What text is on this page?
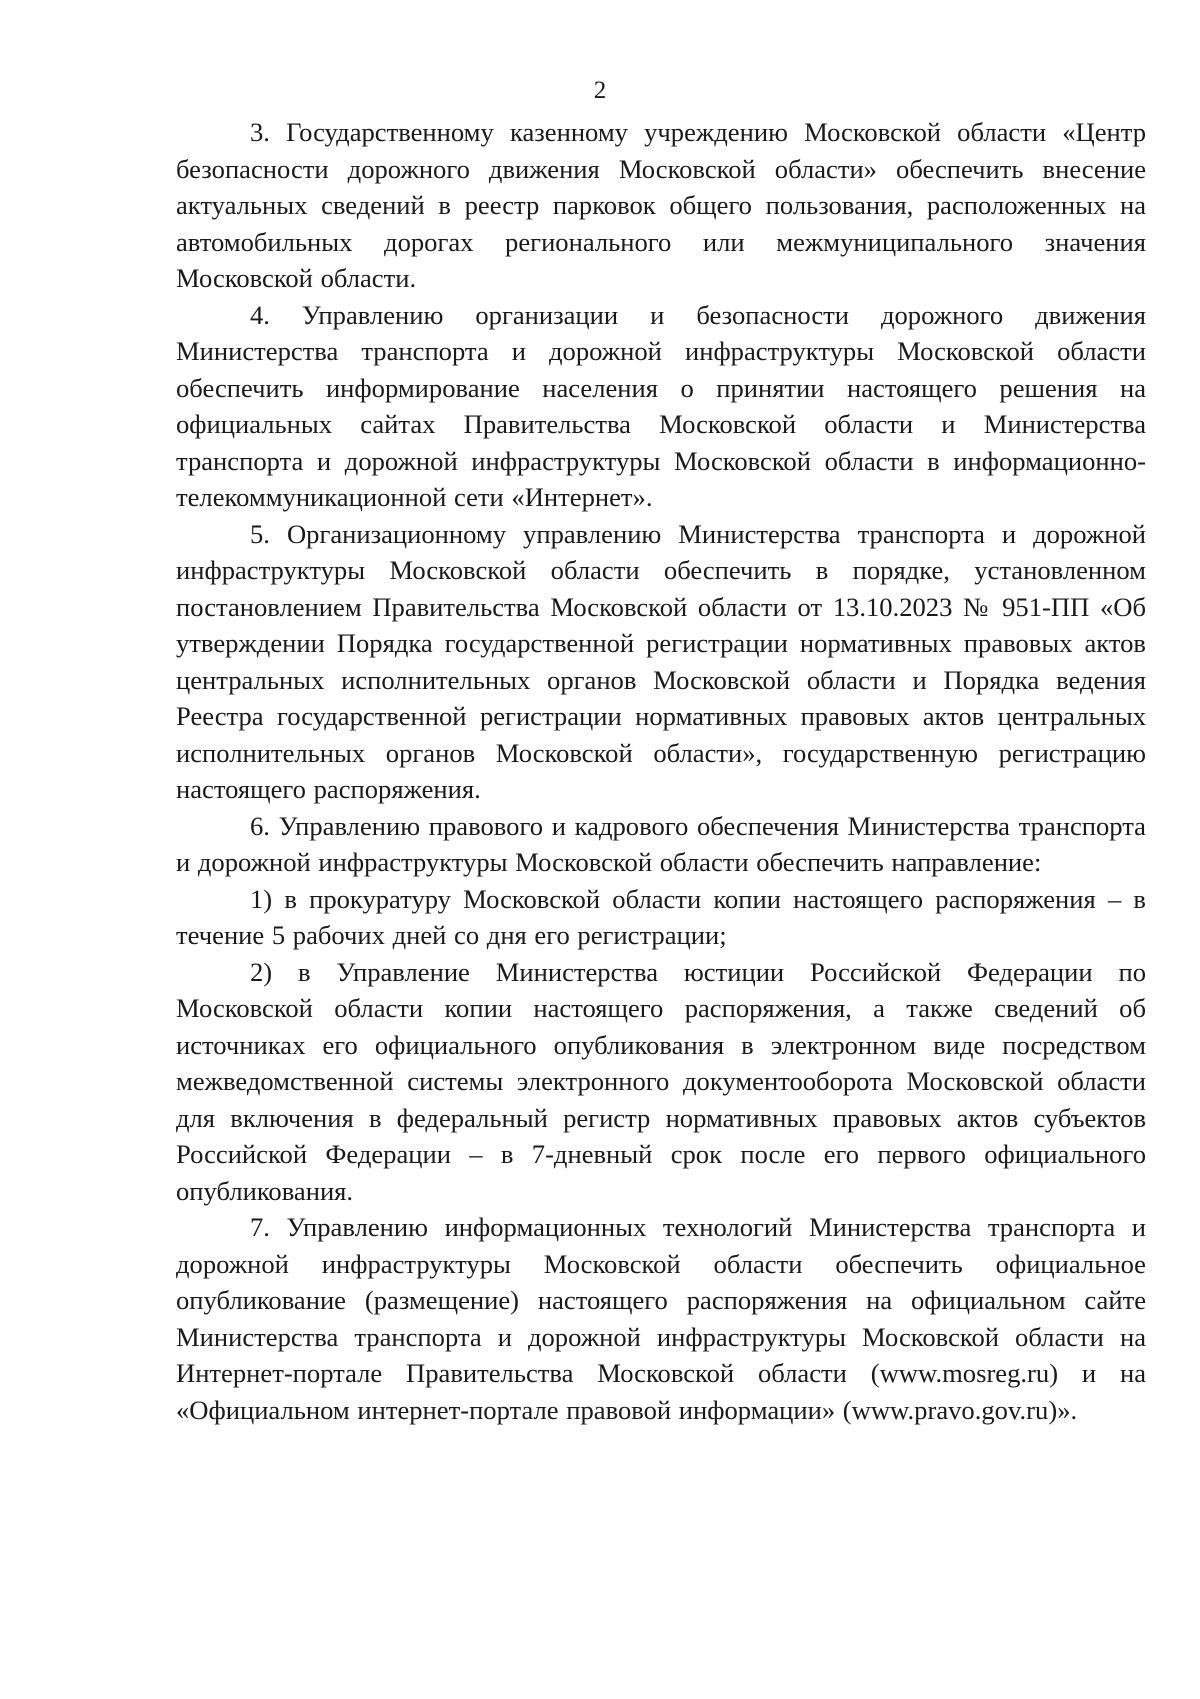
2

3. Государственному казенному учреждению Московской области «Центр безопасности дорожного движения Московской области» обеспечить внесение актуальных сведений в реестр парковок общего пользования, расположенных на автомобильных дорогах регионального или межмуниципального значения Московской области.

4. Управлению организации и безопасности дорожного движения Министерства транспорта и дорожной инфраструктуры Московской области обеспечить информирование населения о принятии настоящего решения на официальных сайтах Правительства Московской области и Министерства транспорта и дорожной инфраструктуры Московской области в информационно-телекоммуникационной сети «Интернет».

5. Организационному управлению Министерства транспорта и дорожной инфраструктуры Московской области обеспечить в порядке, установленном постановлением Правительства Московской области от 13.10.2023 № 951-ПП «Об утверждении Порядка государственной регистрации нормативных правовых актов центральных исполнительных органов Московской области и Порядка ведения Реестра государственной регистрации нормативных правовых актов центральных исполнительных органов Московской области», государственную регистрацию настоящего распоряжения.

6. Управлению правового и кадрового обеспечения Министерства транспорта и дорожной инфраструктуры Московской области обеспечить направление:

1) в прокуратуру Московской области копии настоящего распоряжения – в течение 5 рабочих дней со дня его регистрации;

2) в Управление Министерства юстиции Российской Федерации по Московской области копии настоящего распоряжения, а также сведений об источниках его официального опубликования в электронном виде посредством межведомственной системы электронного документооборота Московской области для включения в федеральный регистр нормативных правовых актов субъектов Российской Федерации – в 7-дневный срок после его первого официального опубликования.

7. Управлению информационных технологий Министерства транспорта и дорожной инфраструктуры Московской области обеспечить официальное опубликование (размещение) настоящего распоряжения на официальном сайте Министерства транспорта и дорожной инфраструктуры Московской области на Интернет-портале Правительства Московской области (www.mosreg.ru) и на «Официальном интернет-портале правовой информации» (www.pravo.gov.ru)».
